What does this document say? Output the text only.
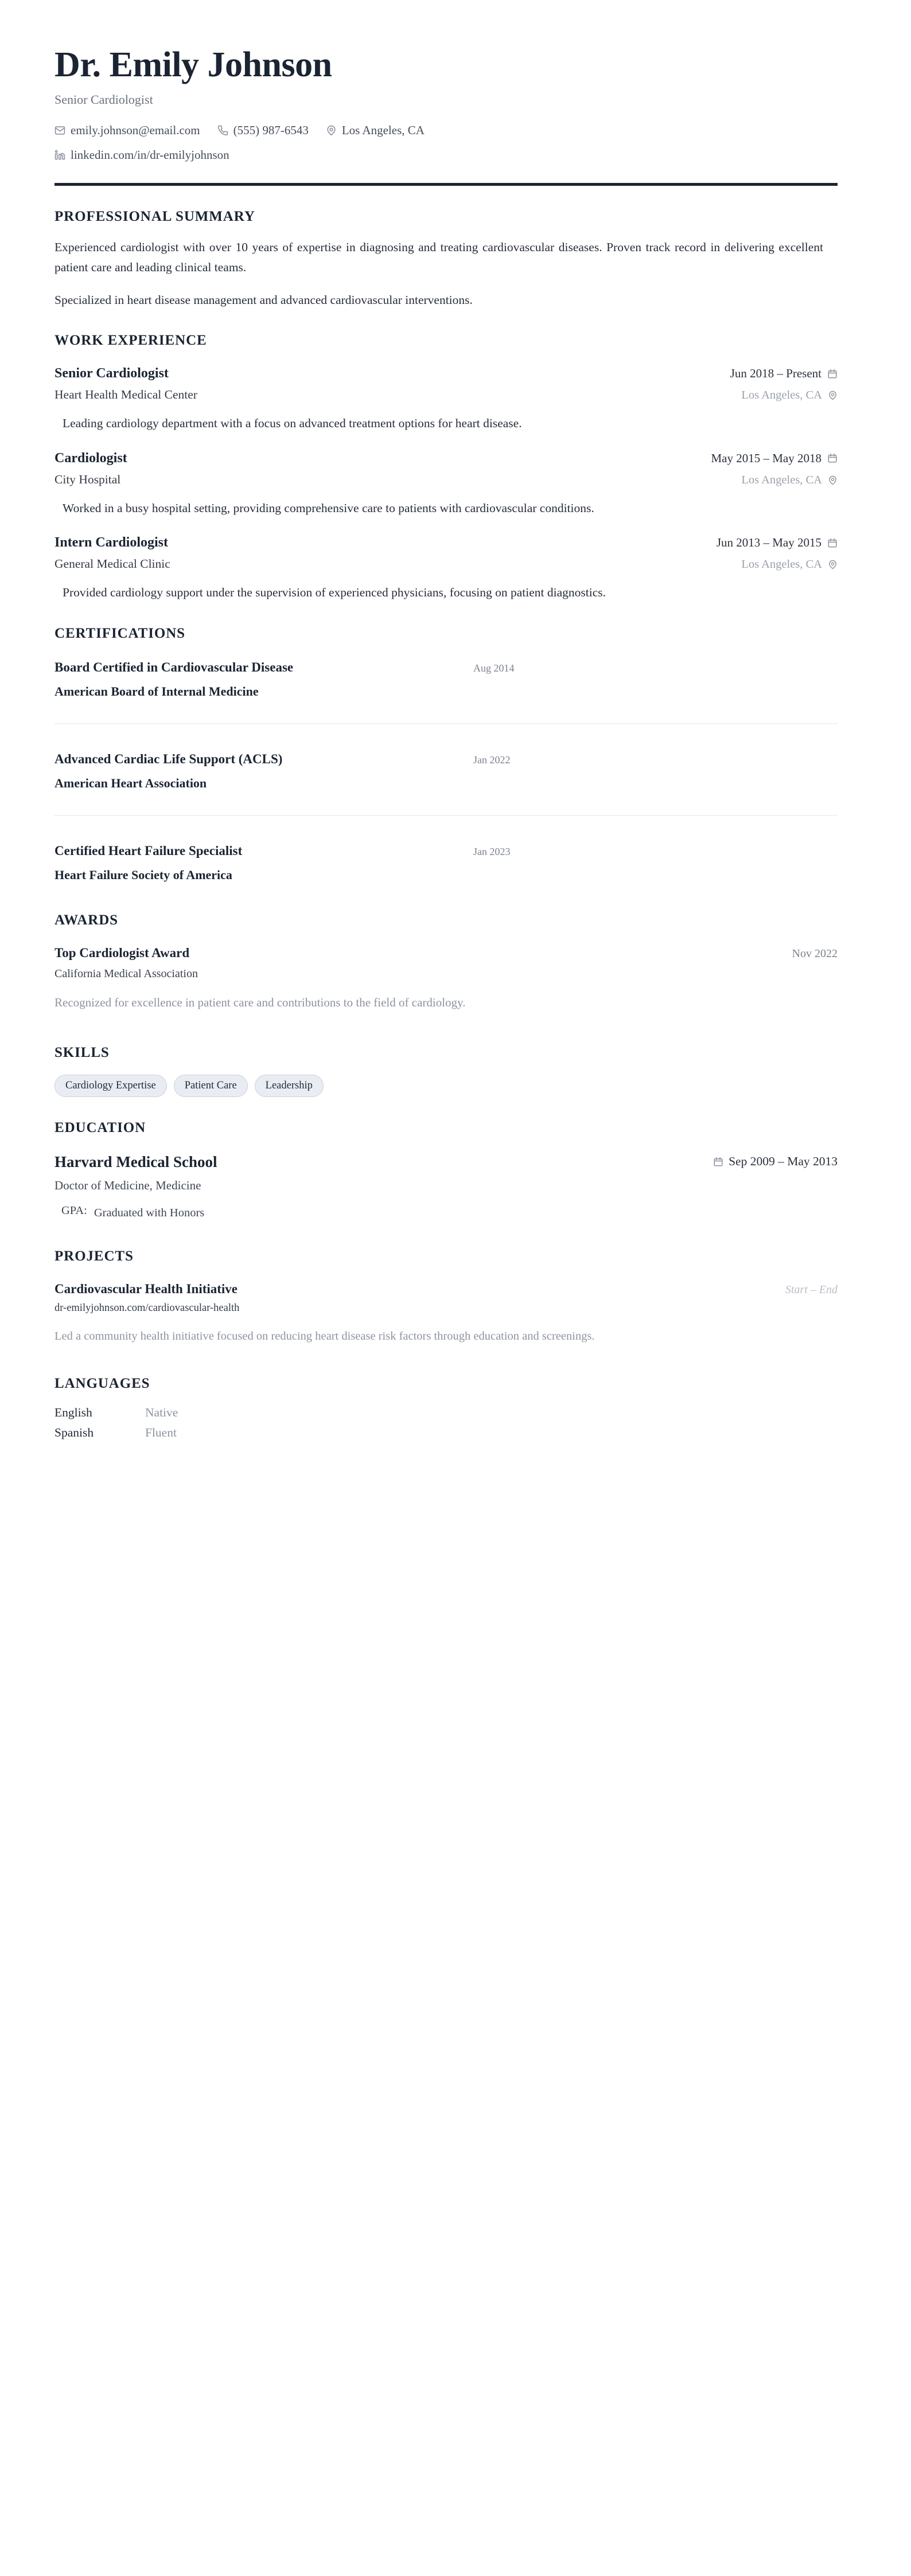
Dr. Emily Johnson
Senior Cardiologist
emily.johnson@email.com	(555) 987-6543	Los Angeles, CA
linkedin.com/in/dr-emilyjohnson
PROFESSIONAL SUMMARY

Experienced cardiologist with over 10 years of expertise in diagnosing and treating cardiovascular diseases. Proven track record in delivering excellent patient care and leading clinical teams.

Specialized in heart disease management and advanced cardiovascular interventions.

WORK EXPERIENCE
Senior Cardiologist	Jun 2018 – Present
Heart Health Medical Center	Los Angeles, CA
Leading cardiology department with a focus on advanced treatment options for heart disease.
Cardiologist	May 2015 – May 2018
City Hospital	Los Angeles, CA
Worked in a busy hospital setting, providing comprehensive care to patients with cardiovascular conditions.
Intern Cardiologist	Jun 2013 – May 2015
General Medical Clinic	Los Angeles, CA
Provided cardiology support under the supervision of experienced physicians, focusing on patient diagnostics.
CERTIFICATIONS
Board Certified in Cardiovascular Disease	Aug 2014
American Board of Internal Medicine
Advanced Cardiac Life Support (ACLS)	Jan 2022
American Heart Association
Certified Heart Failure Specialist	Jan 2023
Heart Failure Society of America
AWARDS
Top Cardiologist Award	Nov 2022
California Medical Association
Recognized for excellence in patient care and contributions to the field of cardiology.
SKILLS
Cardiology Expertise	Patient Care	Leadership
EDUCATION
Harvard Medical School	Sep 2009 – May 2013
Doctor of Medicine, Medicine
GPA: Graduated with Honors
PROJECTS
Cardiovascular Health Initiative	Start – End
dr-emilyjohnson.com/cardiovascular-health
Led a community health initiative focused on reducing heart disease risk factors through education and screenings.
LANGUAGES
English	Native
Spanish	Fluent
